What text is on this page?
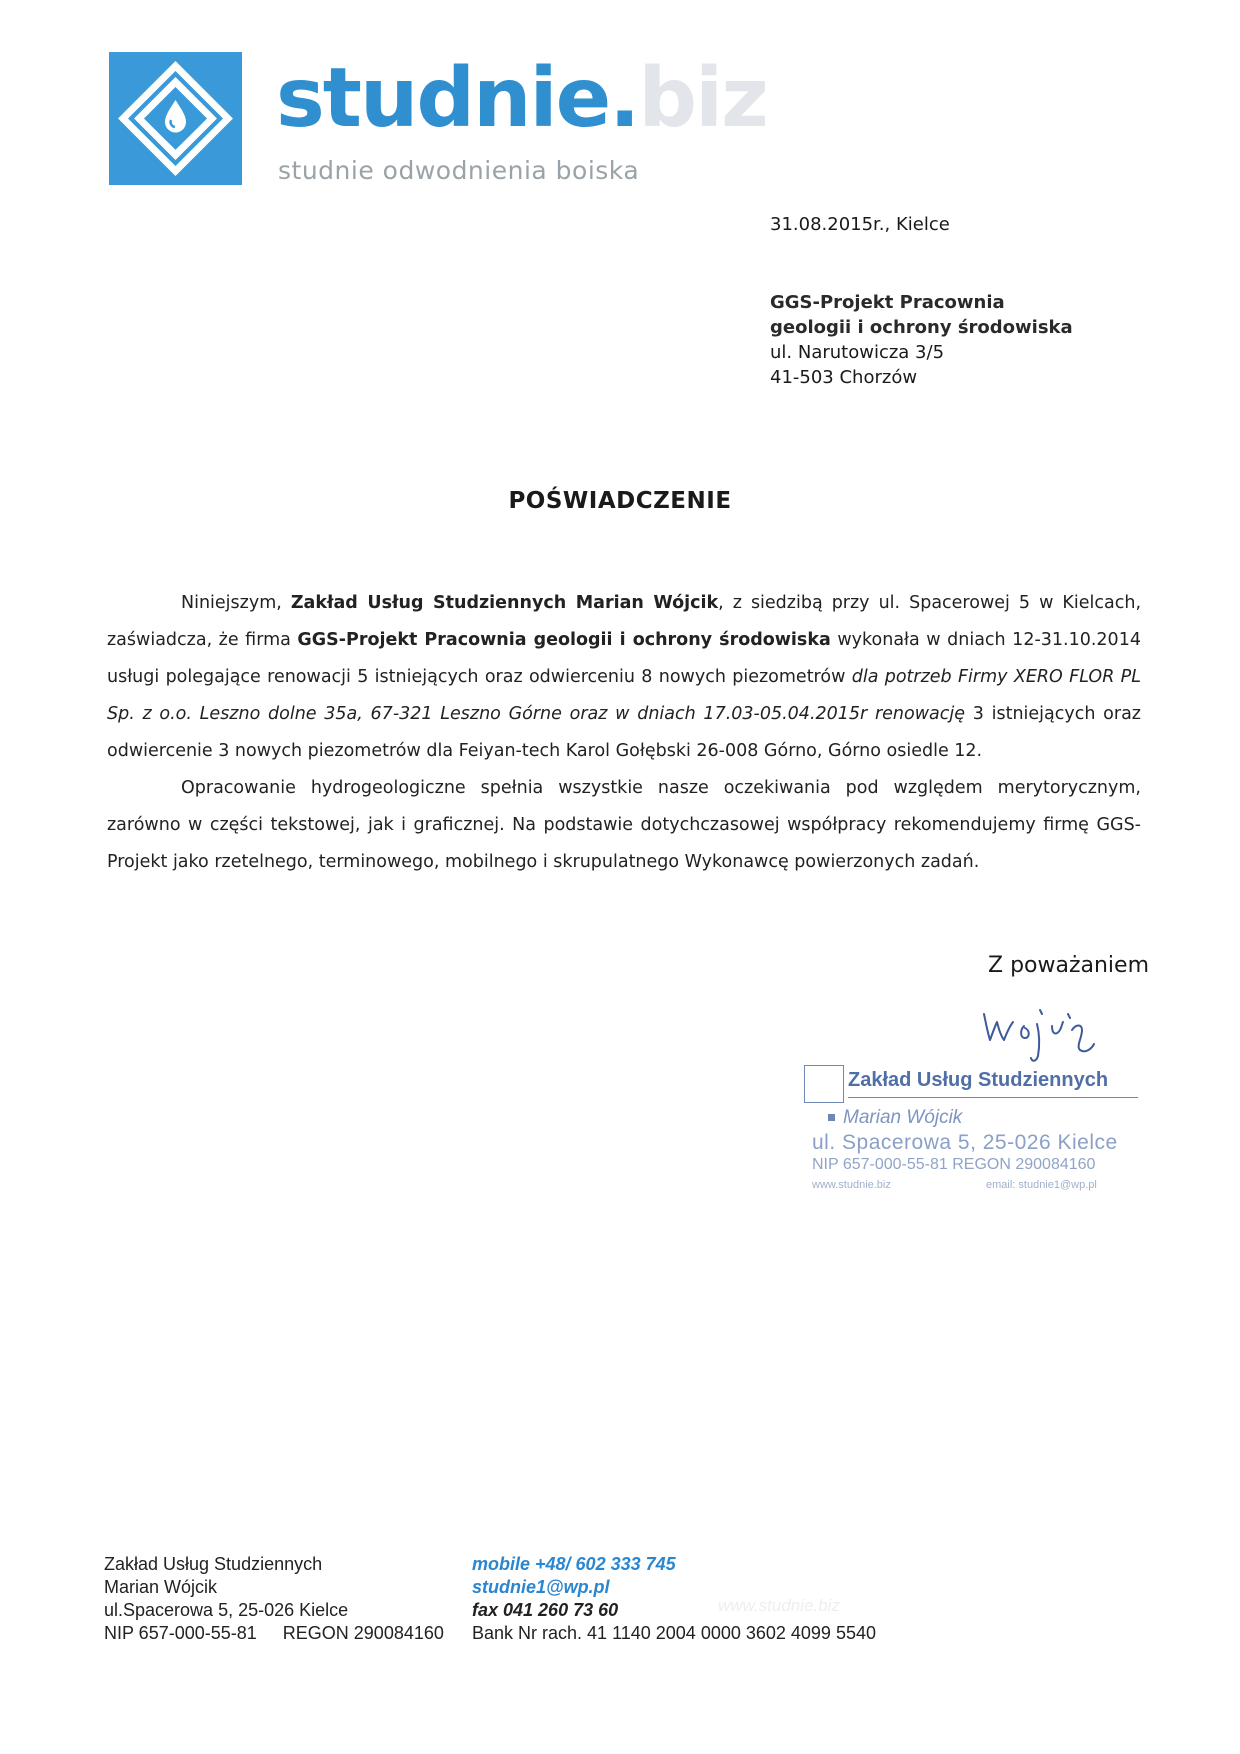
studnie.biz
studnie odwodnienia boiska
31.08.2015r., Kielce
GGS-Projekt Pracownia
geologii i ochrony środowiska
ul. Narutowicza 3/5
41-503 Chorzów
POŚWIADCZENIE

Niniejszym, Zakład Usług Studziennych Marian Wójcik, z siedzibą przy ul. Spacerowej 5 w Kielcach, zaświadcza, że firma GGS-Projekt Pracownia geologii i ochrony środowiska wykonała w dniach 12-31.10.2014 usługi polegające renowacji 5 istniejących oraz odwierceniu 8 nowych piezometrów dla potrzeb Firmy XERO FLOR PL Sp. z o.o. Leszno dolne 35a, 67-321 Leszno Górne oraz w dniach 17.03-05.04.2015r renowację 3 istniejących oraz odwiercenie 3 nowych piezometrów dla Feiyan-tech Karol Gołębski 26-008 Górno, Górno osiedle 12.

Opracowanie hydrogeologiczne spełnia wszystkie nasze oczekiwania pod względem merytorycznym, zarówno w części tekstowej, jak i graficznej. Na podstawie dotychczasowej współpracy rekomendujemy firmę GGS-Projekt jako rzetelnego, terminowego, mobilnego i skrupulatnego Wykonawcę powierzonych zadań.

Z poważaniem
Zakład Usług Studziennych
Marian Wójcik
ul. Spacerowa 5, 25-026 Kielce
NIP 657-000-55-81 REGON 290084160
www.studnie.biz	email: studnie1@wp.pl
Zakład Usług Studziennych
Marian Wójcik
ul.Spacerowa 5, 25-026 Kielce
NIP 657-000-55-81 REGON 290084160
mobile +48/ 602 333 745
studnie1@wp.pl
fax 041 260 73 60
Bank Nr rach. 41 1140 2004 0000 3602 4099 5540
www.studnie.biz
